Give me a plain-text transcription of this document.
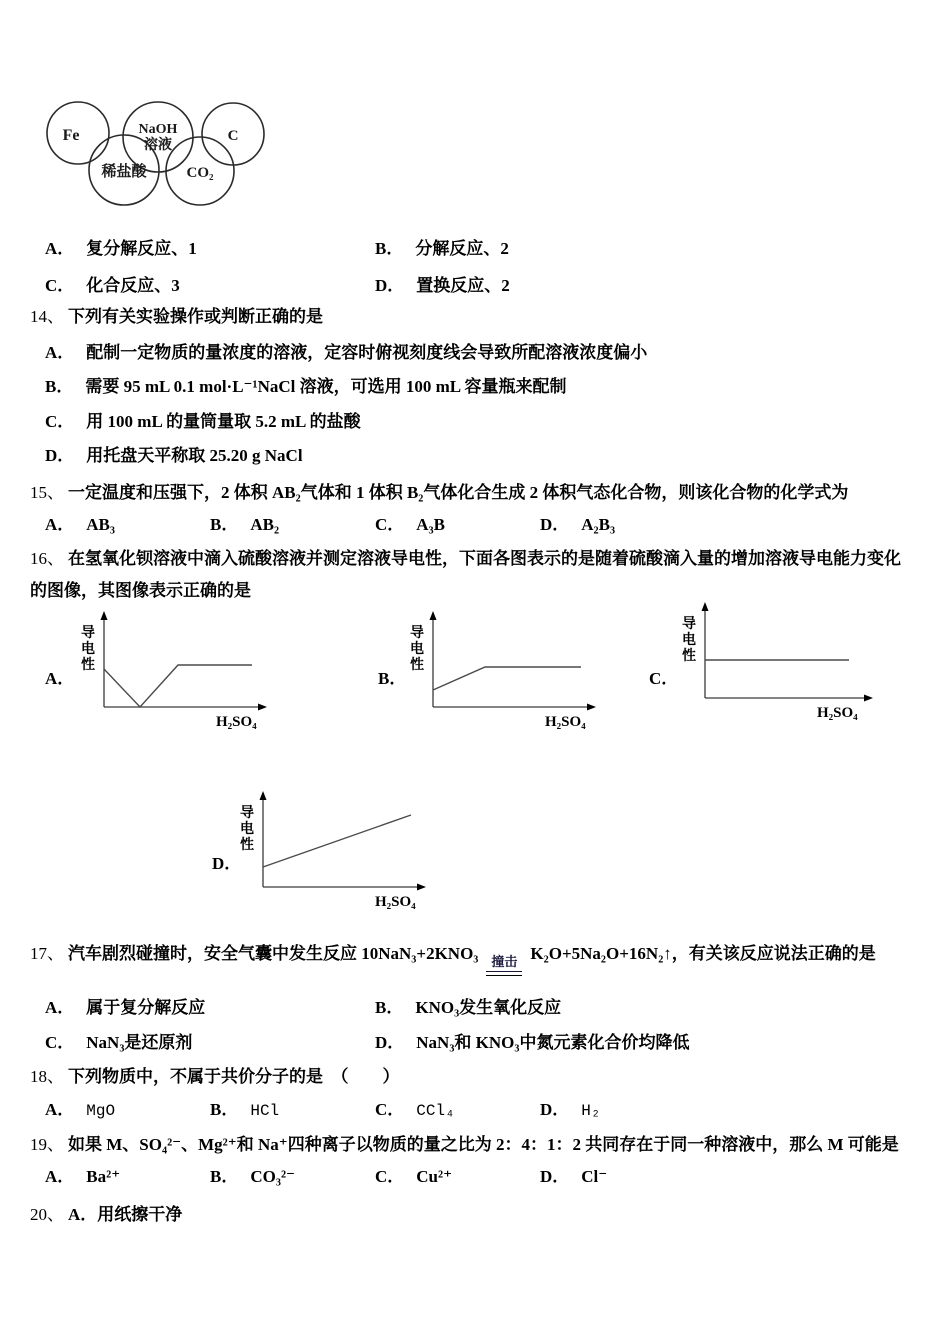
Fe	NaOH
溶液
C
稀盐酸	CO₂
A． 复分解反应、1	B． 分解反应、2
C． 化合反应、3	D． 置换反应、2
14、 下列有关实验操作或判断正确的是
A． 配制一定物质的量浓度的溶液，定容时俯视刻度线会导致所配溶液浓度偏小
B． 需要 95 mL 0.1 mol·L⁻¹NaCl 溶液，可选用 100 mL 容量瓶来配制
C． 用 100 mL 的量筒量取 5.2 mL 的盐酸
D． 用托盘天平称取 25.20 g NaCl
15、 一定温度和压强下，2 体积 AB₂气体和 1 体积 B₂气体化合生成 2 体积气态化合物，则该化合物的化学式为
A． AB₃	B． AB₂	C． A₃B	D． A₂B₃
16、 在氢氧化钡溶液中滴入硫酸溶液并测定溶液导电性，下面各图表示的是随着硫酸滴入量的增加溶液导电能力变化的图像，其图像表示正确的是
A．
导
电
性
H₂SO₄
B．
导
电
性
H₂SO₄
C．
导
电
性
H₂SO₄
D．
导
电
性
H₂SO₄
17、 汽车剧烈碰撞时，安全气囊中发生反应 10NaN₃+2KNO₃ 撞击 K₂O+5Na₂O+16N₂↑，有关该反应说法正确的是
A． 属于复分解反应	B． KNO₃发生氧化反应
C． NaN₃是还原剂	D． NaN₃和 KNO₃中氮元素化合价均降低
18、 下列物质中，不属于共价分子的是　（　　）
A． MgO	B． HCl	C． CCl₄	D． H₂
19、 如果 M、SO₄²⁻、Mg²⁺和 Na⁺四种离子以物质的量之比为 2：4：1：2 共同存在于同一种溶液中，那么 M 可能是
A． Ba²⁺	B． CO₃²⁻	C． Cu²⁺	D． Cl⁻
20、 A．用纸擦干净
